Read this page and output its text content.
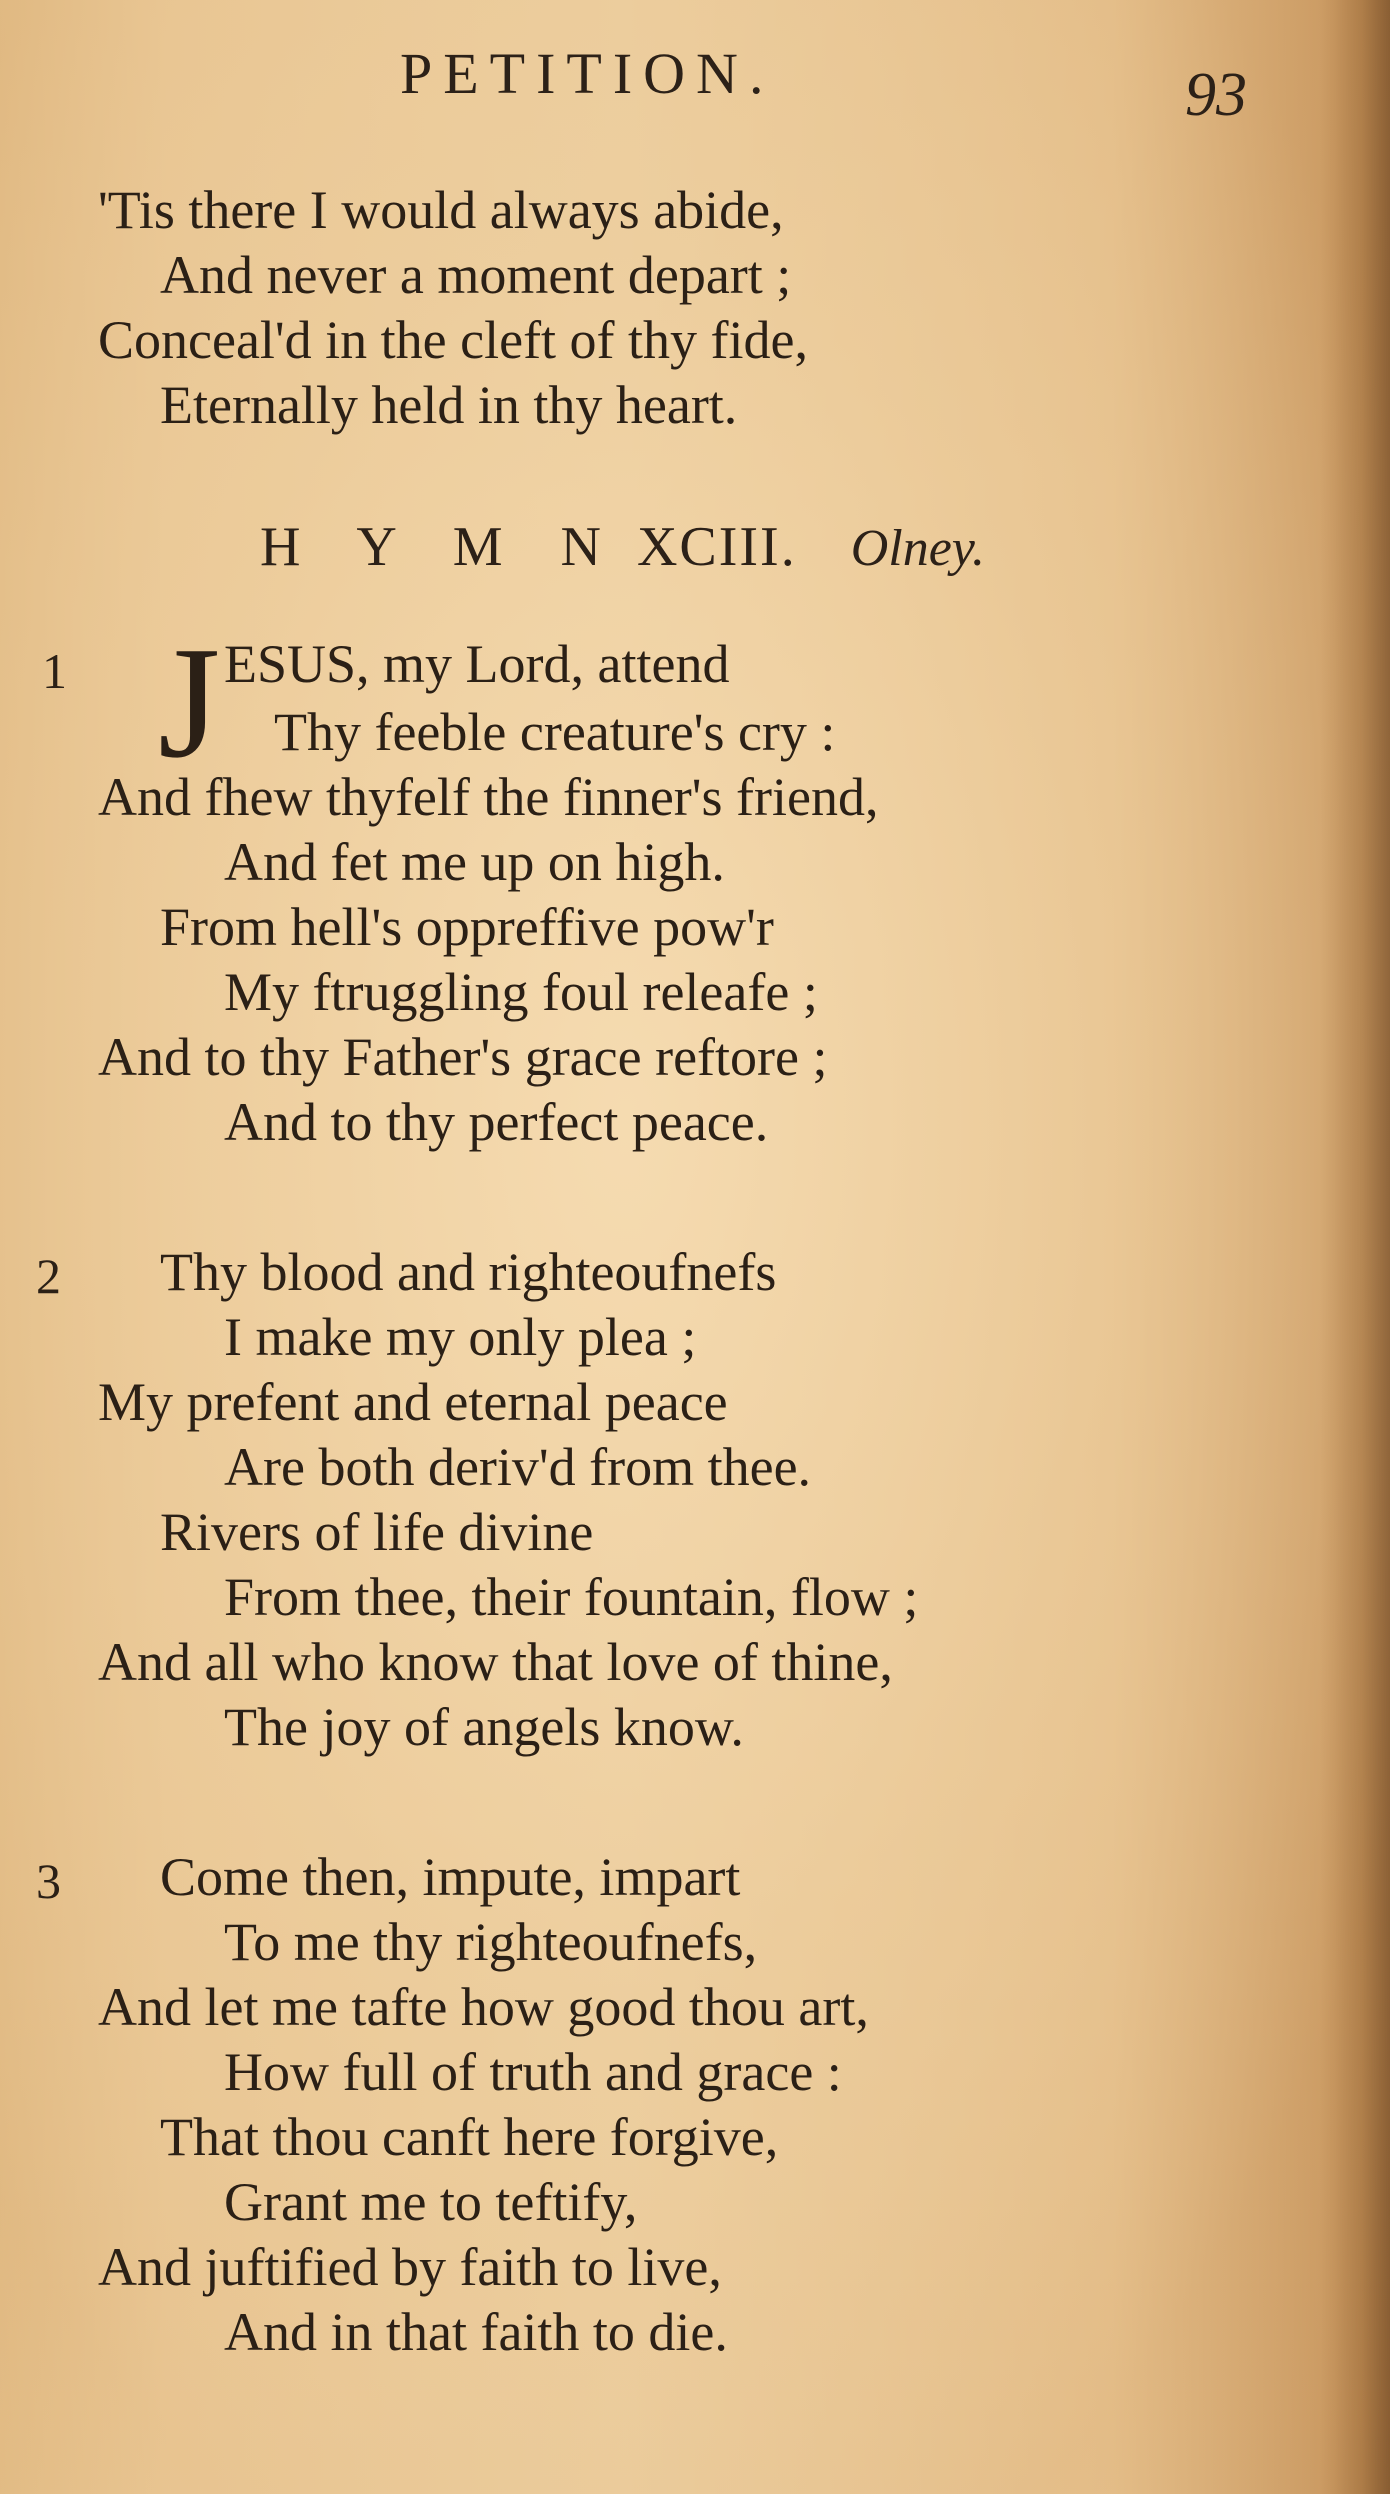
PETITION.	93
'Tis there I would always abide,
And never a moment depart ;
Conceal'd in the cleft of thy fide,
Eternally held in thy heart.
H Y M N XCIII. Olney.
1 J ESUS, my Lord, attend
Thy feeble creature's cry :
And fhew thyfelf the finner's friend,
And fet me up on high.
From hell's oppreffive pow'r
My ftruggling foul releafe ;
And to thy Father's grace reftore ;
And to thy perfect peace.
2 Thy blood and righteoufnefs
I make my only plea ;
My prefent and eternal peace
Are both deriv'd from thee.
Rivers of life divine
From thee, their fountain, flow ;
And all who know that love of thine,
The joy of angels know.
3 Come then, impute, impart
To me thy righteoufnefs,
And let me tafte how good thou art,
How full of truth and grace :
That thou canft here forgive,
Grant me to teftify,
And juftified by faith to live,
And in that faith to die.
